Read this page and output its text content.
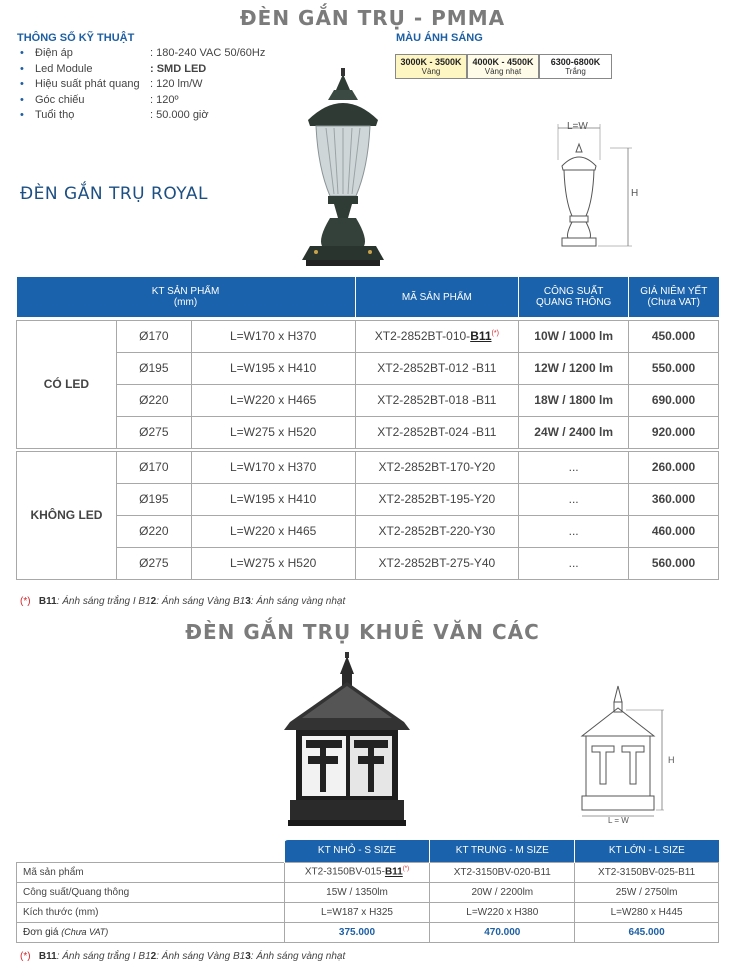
ĐÈN GẮN TRỤ - PMMA
THÔNG SỐ KỸ THUẬT
• Điện áp	: 180-240 VAC 50/60Hz
• Led Module	: SMD LED
• Hiệu suất phát quang : 120 lm/W
• Góc chiếu	: 120º
• Tuổi thọ	: 50.000 giờ
MÀU ÁNH SÁNG
3000K - 3500K
Vàng
4000K - 4500K
Vàng nhạt
6300-6800K
Trắng
ĐÈN GẮN TRỤ ROYAL
L=W
H
KT SẢN PHẨM
(mm)			MÃ SẢN PHẨM	CÔNG SUẤT
QUANG THÔNG	GIÁ NIÊM YẾT
(Chưa VAT)

CÓ LED	Ø170	L=W170 x H370	XT2-2852BT-010-B11(*)	10W / 1000 lm	450.000
	Ø195	L=W195 x H410	XT2-2852BT-012 -B11	12W / 1200 lm	550.000
	Ø220	L=W220 x H465	XT2-2852BT-018 -B11	18W / 1800 lm	690.000
	Ø275	L=W275 x H520	XT2-2852BT-024 -B11	24W / 2400 lm	920.000

KHÔNG LED	Ø170	L=W170 x H370	XT2-2852BT-170-Y20	...	260.000
	Ø195	L=W195 x H410	XT2-2852BT-195-Y20	...	360.000
	Ø220	L=W220 x H465	XT2-2852BT-220-Y30	...	460.000
	Ø275	L=W275 x H520	XT2-2852BT-275-Y40	...	560.000
(*) B11: Ánh sáng trắng I B12: Ánh sáng Vàng B13: Ánh sáng vàng nhạt
ĐÈN GẮN TRỤ KHUÊ VĂN CÁC
L = W
H
	KT NHỎ - S SIZE	KT TRUNG - M SIZE	KT LỚN - L SIZE
Mã sản phẩm	XT2-3150BV-015-B11(*)	XT2-3150BV-020-B11	XT2-3150BV-025-B11
Công suất/Quang thông	15W / 1350lm	20W / 2200lm	25W / 2750lm
Kích thước (mm)	L=W187 x H325	L=W220 x H380	L=W280 x H445
Đơn giá (Chưa VAT)	375.000	470.000	645.000
(*) B11: Ánh sáng trắng I B12: Ánh sáng Vàng B13: Ánh sáng vàng nhạt
